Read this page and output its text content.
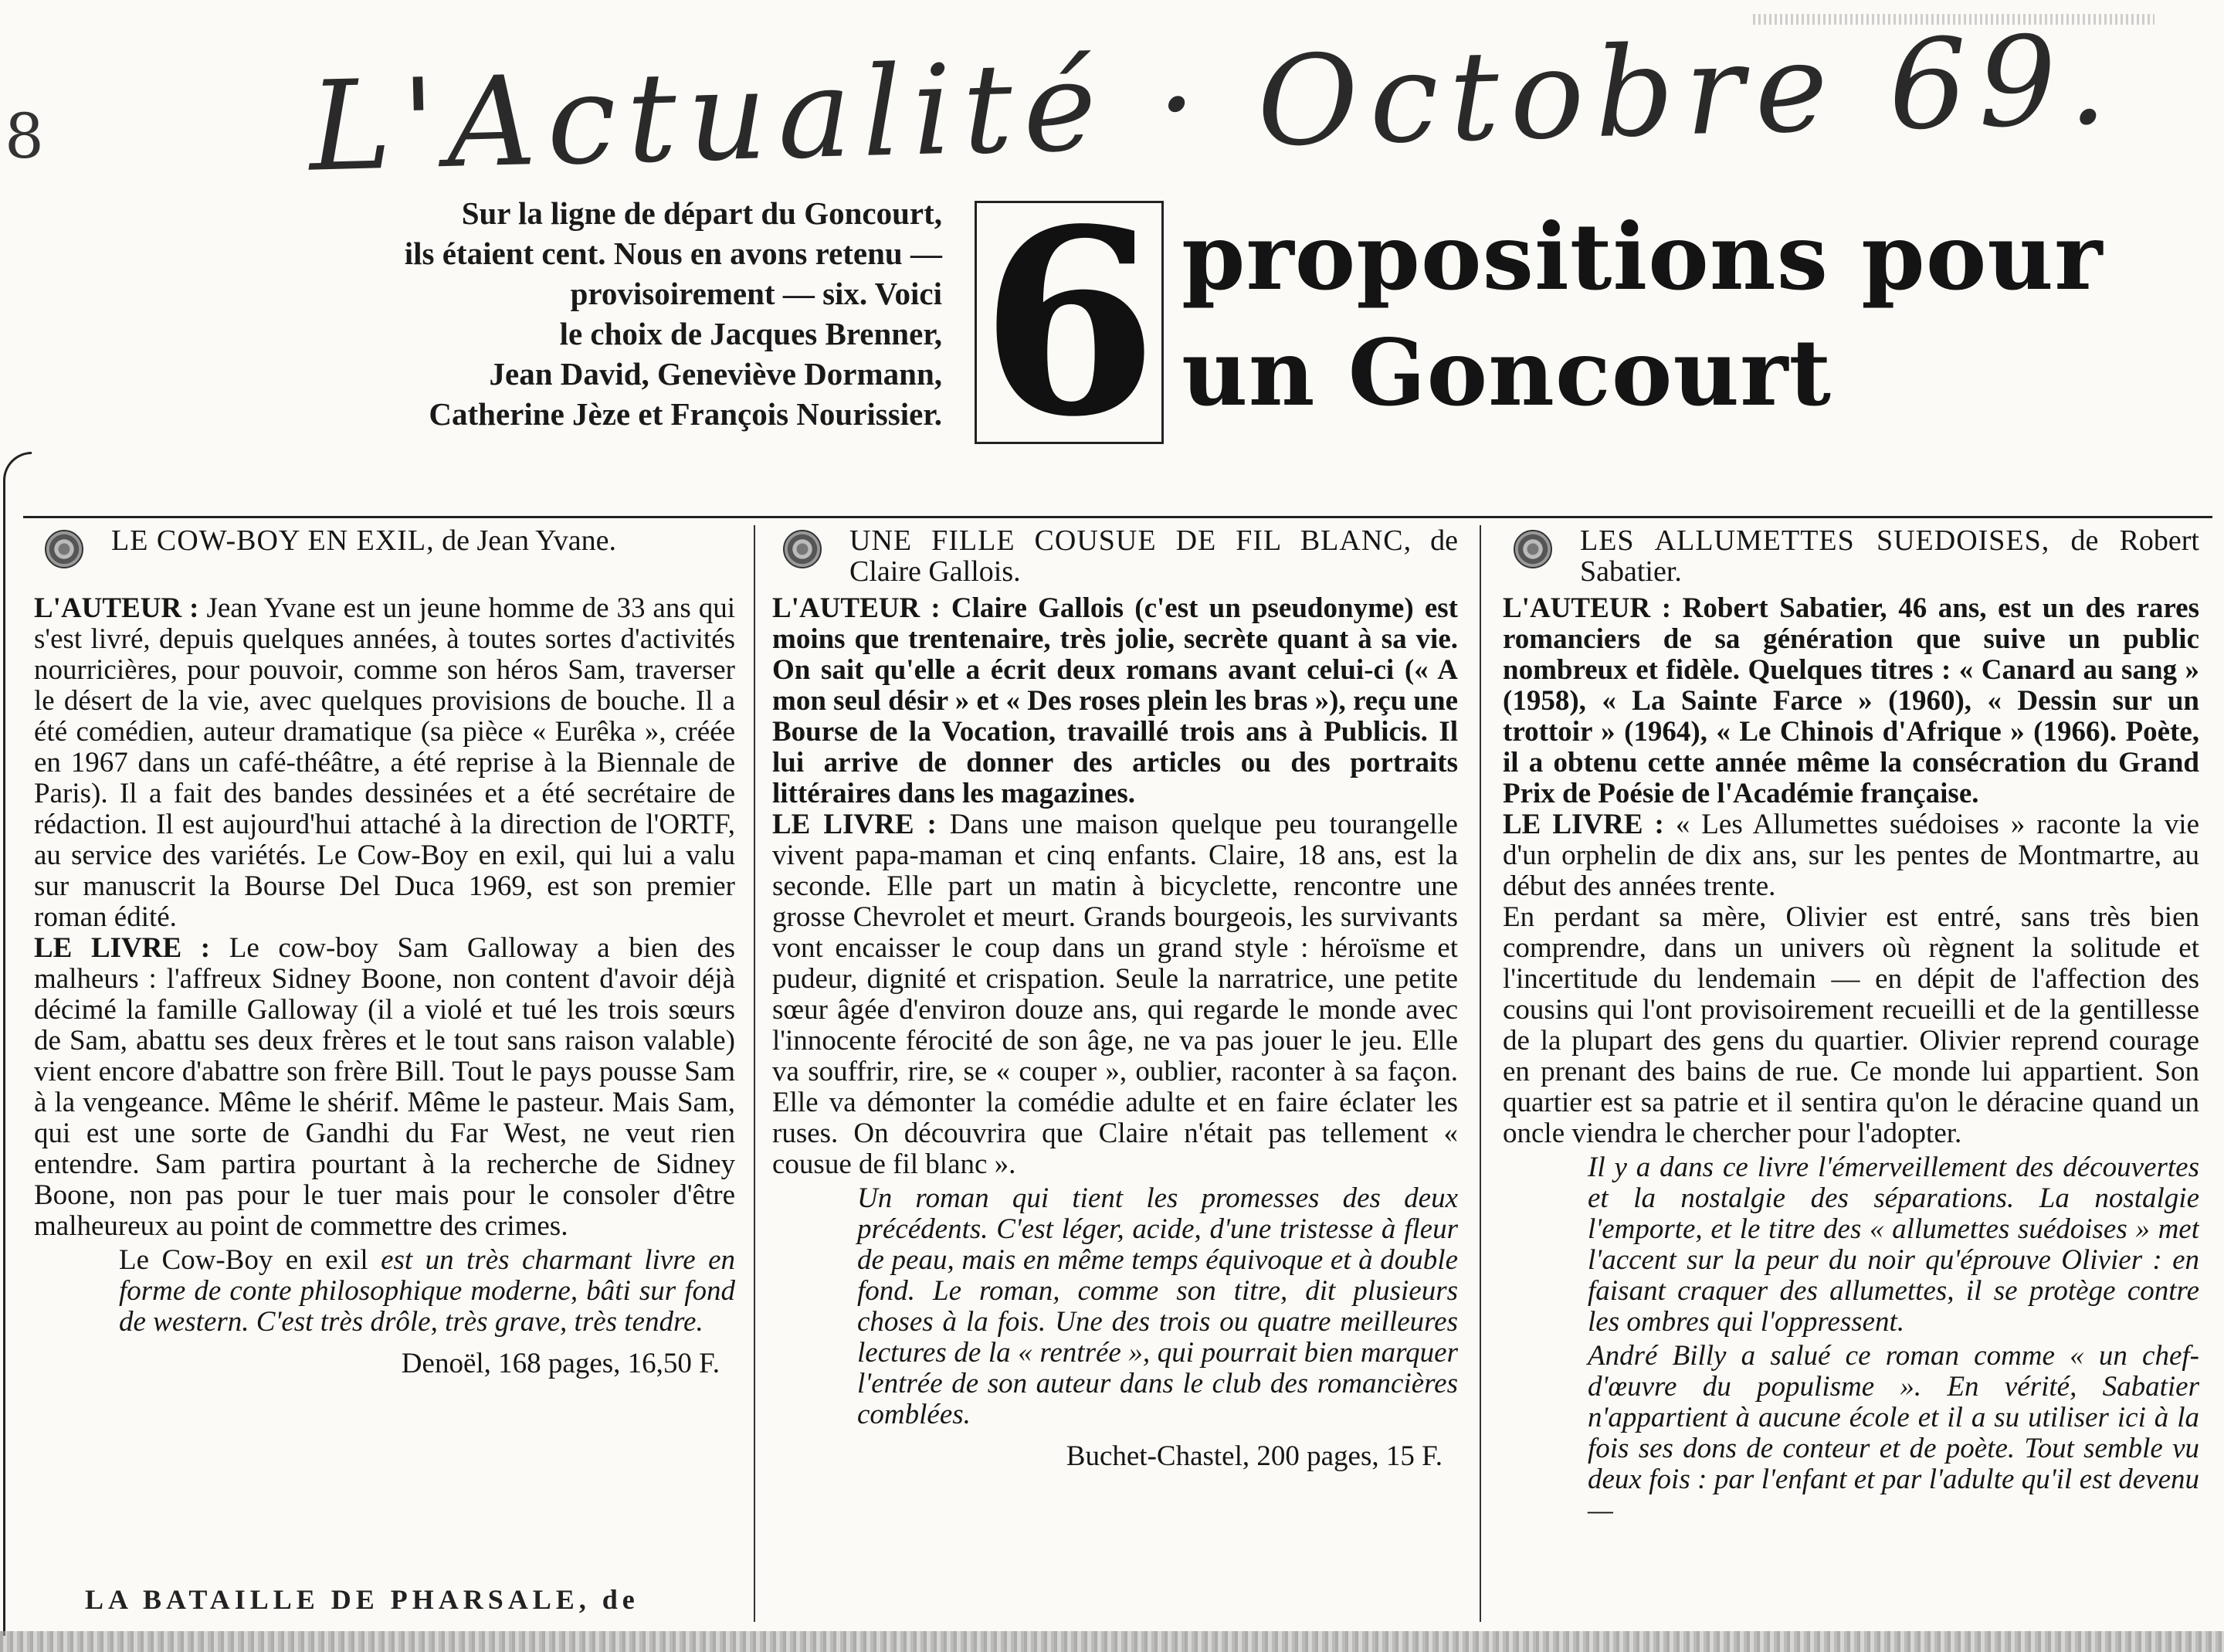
8 L'Actualité · Octobre 69.
Sur la ligne de départ du Goncourt,
ils étaient cent. Nous en avons retenu —
provisoirement — six. Voici
le choix de Jacques Brenner,
Jean David, Geneviève Dormann,
Catherine Jèze et François Nourissier. 6 propositions pour
un Goncourt
LE COW-BOY EN EXIL, de Jean Yvane.

L'AUTEUR : Jean Yvane est un jeune homme de 33 ans qui s'est livré, depuis quelques années, à toutes sortes d'activités nourricières, pour pouvoir, comme son héros Sam, traverser le désert de la vie, avec quelques provisions de bouche. Il a été comédien, auteur dramatique (sa pièce « Eurêka », créée en 1967 dans un café-théâtre, a été reprise à la Biennale de Paris). Il a fait des bandes dessinées et a été secrétaire de rédaction. Il est aujourd'hui attaché à la direction de l'ORTF, au service des variétés. Le Cow-Boy en exil, qui lui a valu sur manuscrit la Bourse Del Duca 1969, est son premier roman édité.

LE LIVRE : Le cow-boy Sam Galloway a bien des malheurs : l'affreux Sidney Boone, non content d'avoir déjà décimé la famille Galloway (il a violé et tué les trois sœurs de Sam, abattu ses deux frères et le tout sans raison valable) vient encore d'abattre son frère Bill. Tout le pays pousse Sam à la vengeance. Même le shérif. Même le pasteur. Mais Sam, qui est une sorte de Gandhi du Far West, ne veut rien entendre. Sam partira pourtant à la recherche de Sidney Boone, non pas pour le tuer mais pour le consoler d'être malheureux au point de commettre des crimes.

Le Cow-Boy en exil est un très charmant livre en forme de conte philosophique moderne, bâti sur fond de western. C'est très drôle, très grave, très tendre.

Denoël, 168 pages, 16,50 F.

UNE FILLE COUSUE DE FIL BLANC, de Claire Gallois.

L'AUTEUR : Claire Gallois (c'est un pseudonyme) est moins que trentenaire, très jolie, secrète quant à sa vie. On sait qu'elle a écrit deux romans avant celui-ci (« A mon seul désir » et « Des roses plein les bras »), reçu une Bourse de la Vocation, travaillé trois ans à Publicis. Il lui arrive de donner des articles ou des portraits littéraires dans les magazines.

LE LIVRE : Dans une maison quelque peu tourangelle vivent papa-maman et cinq enfants. Claire, 18 ans, est la seconde. Elle part un matin à bicyclette, rencontre une grosse Chevrolet et meurt. Grands bourgeois, les survivants vont encaisser le coup dans un grand style : héroïsme et pudeur, dignité et crispation. Seule la narratrice, une petite sœur âgée d'environ douze ans, qui regarde le monde avec l'innocente férocité de son âge, ne va pas jouer le jeu. Elle va souffrir, rire, se « couper », oublier, raconter à sa façon. Elle va démonter la comédie adulte et en faire éclater les ruses. On découvrira que Claire n'était pas tellement « cousue de fil blanc ».

Un roman qui tient les promesses des deux précédents. C'est léger, acide, d'une tristesse à fleur de peau, mais en même temps équivoque et à double fond. Le roman, comme son titre, dit plusieurs choses à la fois. Une des trois ou quatre meilleures lectures de la « rentrée », qui pourrait bien marquer l'entrée de son auteur dans le club des romancières comblées.

Buchet-Chastel, 200 pages, 15 F.

LES ALLUMETTES SUEDOISES, de Robert Sabatier.

L'AUTEUR : Robert Sabatier, 46 ans, est un des rares romanciers de sa génération que suive un public nombreux et fidèle. Quelques titres : « Canard au sang » (1958), « La Sainte Farce » (1960), « Dessin sur un trottoir » (1964), « Le Chinois d'Afrique » (1966). Poète, il a obtenu cette année même la consécration du Grand Prix de Poésie de l'Académie française.

LE LIVRE : « Les Allumettes suédoises » raconte la vie d'un orphelin de dix ans, sur les pentes de Montmartre, au début des années trente.

En perdant sa mère, Olivier est entré, sans très bien comprendre, dans un univers où règnent la solitude et l'incertitude du lendemain — en dépit de l'affection des cousins qui l'ont provisoirement recueilli et de la gentillesse de la plupart des gens du quartier. Olivier reprend courage en prenant des bains de rue. Ce monde lui appartient. Son quartier est sa patrie et il sentira qu'on le déracine quand un oncle viendra le chercher pour l'adopter.

Il y a dans ce livre l'émerveillement des découvertes et la nostalgie des séparations. La nostalgie l'emporte, et le titre des « allumettes suédoises » met l'accent sur la peur du noir qu'éprouve Olivier : en faisant craquer des allumettes, il se protège contre les ombres qui l'oppressent.

André Billy a salué ce roman comme « un chef-d'œuvre du populisme ». En vérité, Sabatier n'appartient à aucune école et il a su utiliser ici à la fois ses dons de conteur et de poète. Tout semble vu deux fois : par l'enfant et par l'adulte qu'il est devenu —

LA BATAILLE DE PHARSALE, de
